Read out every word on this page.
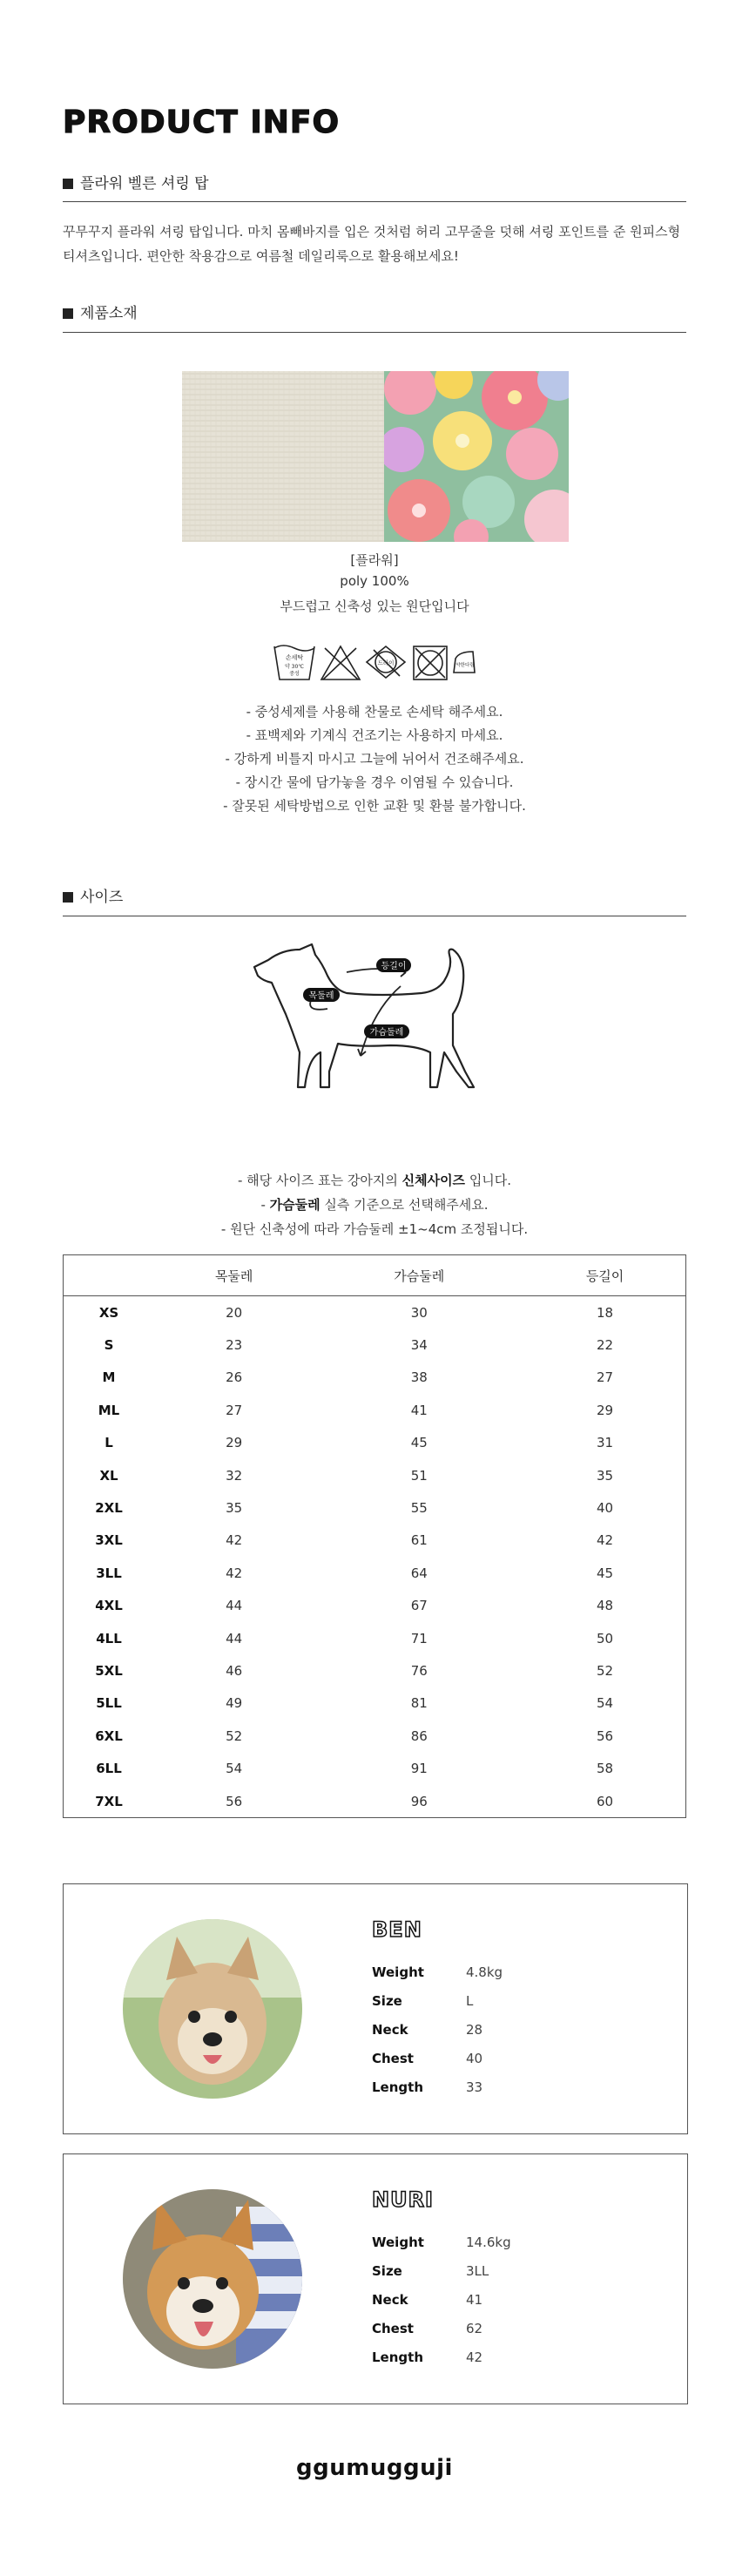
PRODUCT INFO
플라워 벨른 셔링 탑
꾸무꾸지 플라워 셔링 탑입니다. 마치 몸빼바지를 입은 것처럼 허리 고무줄을 덧해 셔링 포인트를 준 원피스형
티셔츠입니다. 편안한 착용감으로 여름철 데일리룩으로 활용해보세요!
제품소재
[플라워]
poly 100%
부드럽고 신축성 있는 원단입니다
손세탁
약 30℃
중성
드라이	약한다림
- 중성세제를 사용해 찬물로 손세탁 해주세요.
- 표백제와 기계식 건조기는 사용하지 마세요.
- 강하게 비틀지 마시고 그늘에 뉘어서 건조해주세요.
- 장시간 물에 담가놓을 경우 이염될 수 있습니다.
- 잘못된 세탁방법으로 인한 교환 및 환불 불가합니다.
사이즈
등길이
목둘레
가슴둘레
- 해당 사이즈 표는 강아지의 신체사이즈 입니다.
- 가슴둘레 실측 기준으로 선택해주세요.
- 원단 신축성에 따라 가슴둘레 ±1~4cm 조정됩니다.
	목둘레	가슴둘레	등길이
XS	20	30	18
S	23	34	22
M	26	38	27
ML	27	41	29
L	29	45	31
XL	32	51	35
2XL	35	55	40
3XL	42	61	42
3LL	42	64	45
4XL	44	67	48
4LL	44	71	50
5XL	46	76	52
5LL	49	81	54
6XL	52	86	56
6LL	54	91	58
7XL	56	96	60
BEN
Weight	4.8kg
Size	L
Neck	28
Chest	40
Length	33
NURI
Weight	14.6kg
Size	3LL
Neck	41
Chest	62
Length	42
ggumugguji
